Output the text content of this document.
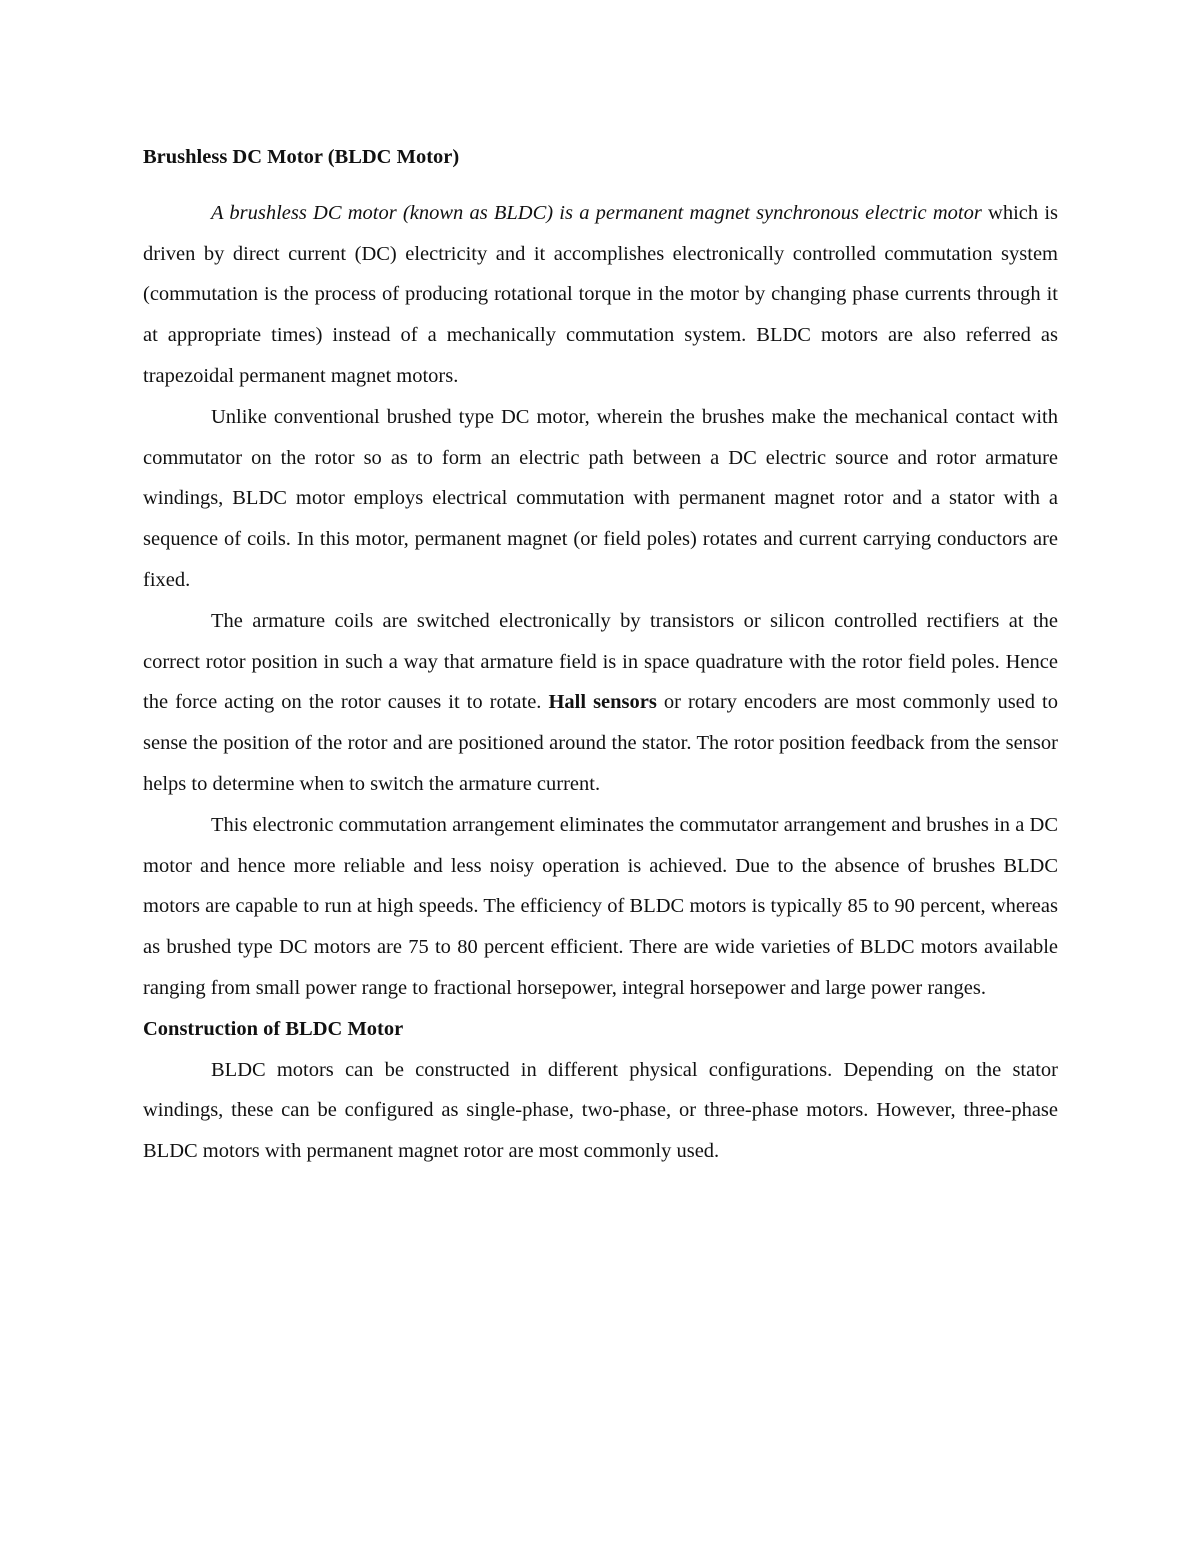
Brushless DC Motor (BLDC Motor)

A brushless DC motor (known as BLDC) is a permanent magnet synchronous electric motor which is driven by direct current (DC) electricity and it accomplishes electronically controlled commutation system (commutation is the process of producing rotational torque in the motor by changing phase currents through it at appropriate times) instead of a mechanically commutation system. BLDC motors are also referred as trapezoidal permanent magnet motors.

Unlike conventional brushed type DC motor, wherein the brushes make the mechanical contact with commutator on the rotor so as to form an electric path between a DC electric source and rotor armature windings, BLDC motor employs electrical commutation with permanent magnet rotor and a stator with a sequence of coils. In this motor, permanent magnet (or field poles) rotates and current carrying conductors are fixed.

The armature coils are switched electronically by transistors or silicon controlled rectifiers at the correct rotor position in such a way that armature field is in space quadrature with the rotor field poles. Hence the force acting on the rotor causes it to rotate. Hall sensors or rotary encoders are most commonly used to sense the position of the rotor and are positioned around the stator. The rotor position feedback from the sensor helps to determine when to switch the armature current.

This electronic commutation arrangement eliminates the commutator arrangement and brushes in a DC motor and hence more reliable and less noisy operation is achieved. Due to the absence of brushes BLDC motors are capable to run at high speeds. The efficiency of BLDC motors is typically 85 to 90 percent, whereas as brushed type DC motors are 75 to 80 percent efficient. There are wide varieties of BLDC motors available ranging from small power range to fractional horsepower, integral horsepower and large power ranges.

Construction of BLDC Motor

BLDC motors can be constructed in different physical configurations. Depending on the stator windings, these can be configured as single-phase, two-phase, or three-phase motors. However, three-phase BLDC motors with permanent magnet rotor are most commonly used.
